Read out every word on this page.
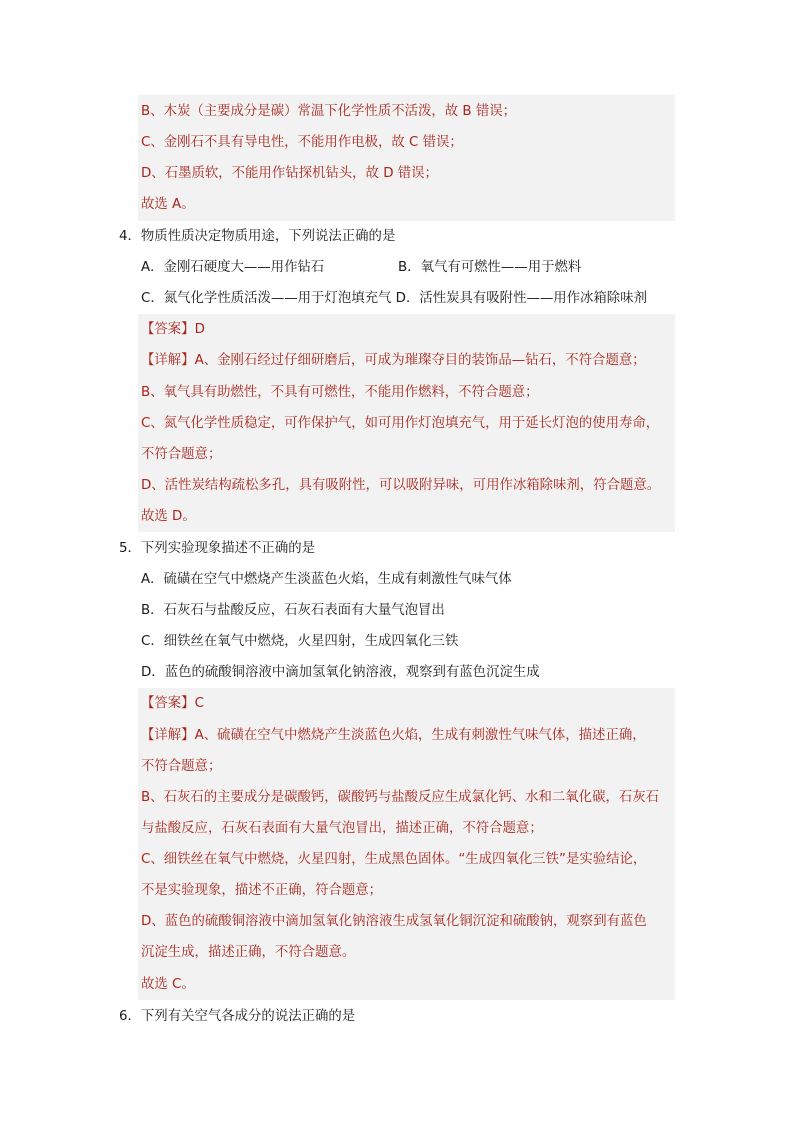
B、木炭（主要成分是碳）常温下化学性质不活泼，故 B 错误；
C、金刚石不具有导电性，不能用作电极，故 C 错误；
D、石墨质软，不能用作钻探机钻头，故 D 错误；
故选 A。
4．物质性质决定物质用途，下列说法正确的是
A．金刚石硬度大——用作钻石	B．氧气有可燃性——用于燃料
C．氮气化学性质活泼——用于灯泡填充气 D．活性炭具有吸附性——用作冰箱除味剂
【答案】D
【详解】A、金刚石经过仔细研磨后，可成为璀璨夺目的装饰品—钻石，不符合题意；
B、氧气具有助燃性，不具有可燃性，不能用作燃料，不符合题意；
C、氮气化学性质稳定，可作保护气，如可用作灯泡填充气，用于延长灯泡的使用寿命，
不符合题意；
D、活性炭结构疏松多孔，具有吸附性，可以吸附异味，可用作冰箱除味剂，符合题意。
故选 D。
5．下列实验现象描述不正确的是
A．硫磺在空气中燃烧产生淡蓝色火焰，生成有刺激性气味气体
B．石灰石与盐酸反应，石灰石表面有大量气泡冒出
C．细铁丝在氧气中燃烧，火星四射，生成四氧化三铁
D．蓝色的硫酸铜溶液中滴加氢氧化钠溶液，观察到有蓝色沉淀生成
【答案】C
【详解】A、硫磺在空气中燃烧产生淡蓝色火焰，生成有刺激性气味气体，描述正确，
不符合题意；
B、石灰石的主要成分是碳酸钙，碳酸钙与盐酸反应生成氯化钙、水和二氧化碳，石灰石
与盐酸反应，石灰石表面有大量气泡冒出，描述正确，不符合题意；
C、细铁丝在氧气中燃烧，火星四射，生成黑色固体。“生成四氧化三铁”是实验结论，
不是实验现象，描述不正确，符合题意；
D、蓝色的硫酸铜溶液中滴加氢氧化钠溶液生成氢氧化铜沉淀和硫酸钠，观察到有蓝色
沉淀生成，描述正确，不符合题意。
故选 C。
6．下列有关空气各成分的说法正确的是
